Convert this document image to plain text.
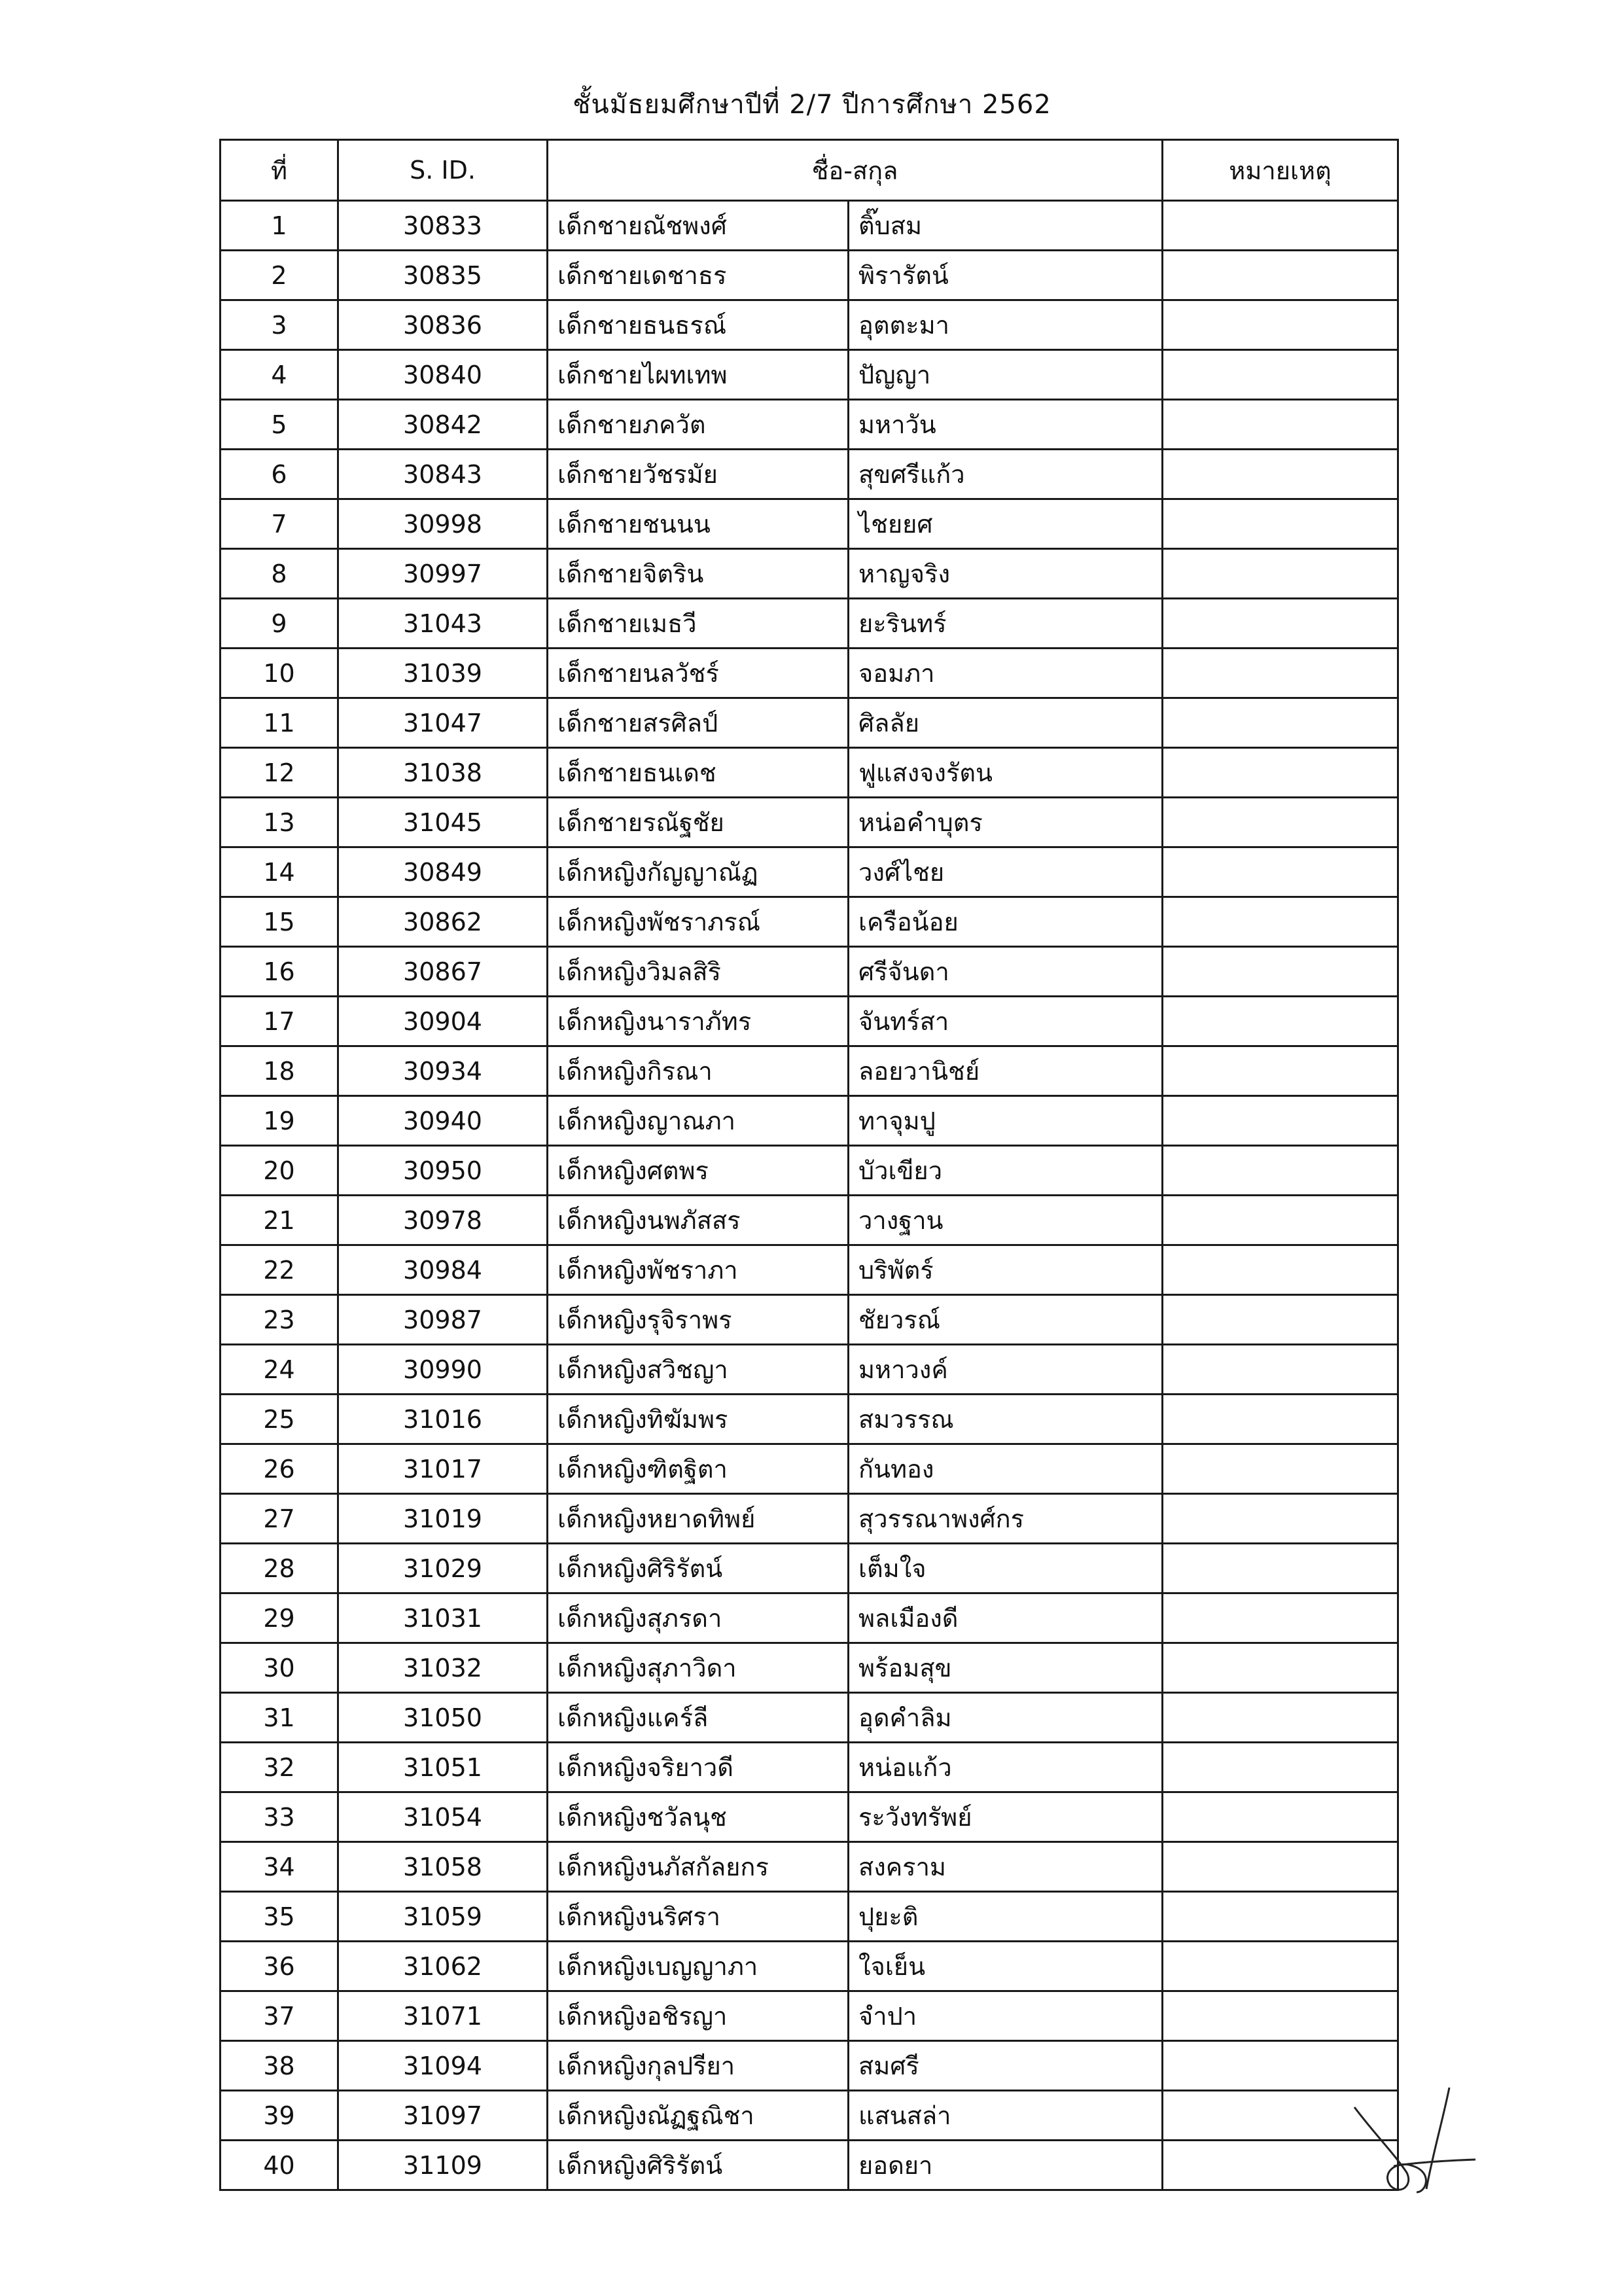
ชั้นมัธยมศึกษาปีที่ 2/7 ปีการศึกษา 2562
ที่	S. ID.	ชื่อ-สกุล		หมายเหตุ
1	30833	เด็กชายณัชพงศ์	ติ๊บสม	
2	30835	เด็กชายเดชาธร	พิรารัตน์	
3	30836	เด็กชายธนธรณ์	อุตตะมา	
4	30840	เด็กชายไผทเทพ	ปัญญา	
5	30842	เด็กชายภควัต	มหาวัน	
6	30843	เด็กชายวัชรมัย	สุขศรีแก้ว	
7	30998	เด็กชายชนนน	ไชยยศ	
8	30997	เด็กชายจิตริน	หาญจริง	
9	31043	เด็กชายเมธวี	ยะรินทร์	
10	31039	เด็กชายนลวัชร์	จอมภา	
11	31047	เด็กชายสรศิลป์	ศิลลัย	
12	31038	เด็กชายธนเดช	ฟูแสงจงรัตน	
13	31045	เด็กชายรณัฐชัย	หน่อคำบุตร	
14	30849	เด็กหญิงกัญญาณัฏ	วงศ์ไชย	
15	30862	เด็กหญิงพัชราภรณ์	เครือน้อย	
16	30867	เด็กหญิงวิมลสิริ	ศรีจันดา	
17	30904	เด็กหญิงนาราภัทร	จันทร์สา	
18	30934	เด็กหญิงกิรณา	ลอยวานิชย์	
19	30940	เด็กหญิงญาณภา	ทาจุมปู	
20	30950	เด็กหญิงศตพร	บัวเขียว	
21	30978	เด็กหญิงนพภัสสร	วางฐาน	
22	30984	เด็กหญิงพัชราภา	บริพัตร์	
23	30987	เด็กหญิงรุจิราพร	ชัยวรณ์	
24	30990	เด็กหญิงสวิชญา	มหาวงค์	
25	31016	เด็กหญิงทิฆัมพร	สมวรรณ	
26	31017	เด็กหญิงฑิตฐิตา	กันทอง	
27	31019	เด็กหญิงหยาดทิพย์	สุวรรณาพงศ์กร	
28	31029	เด็กหญิงศิริรัตน์	เต็มใจ	
29	31031	เด็กหญิงสุภรดา	พลเมืองดี	
30	31032	เด็กหญิงสุภาวิดา	พร้อมสุข	
31	31050	เด็กหญิงแคร์ลี	อุดคำลิม	
32	31051	เด็กหญิงจริยาวดี	หน่อแก้ว	
33	31054	เด็กหญิงชวัลนุช	ระวังทรัพย์	
34	31058	เด็กหญิงนภัสกัลยกร	สงคราม	
35	31059	เด็กหญิงนริศรา	ปุยะติ	
36	31062	เด็กหญิงเบญญาภา	ใจเย็น	
37	31071	เด็กหญิงอชิรญา	จำปา	
38	31094	เด็กหญิงกุลปรียา	สมศรี	
39	31097	เด็กหญิงณัฏฐณิชา	แสนสล่า	
40	31109	เด็กหญิงศิริรัตน์	ยอดยา	
